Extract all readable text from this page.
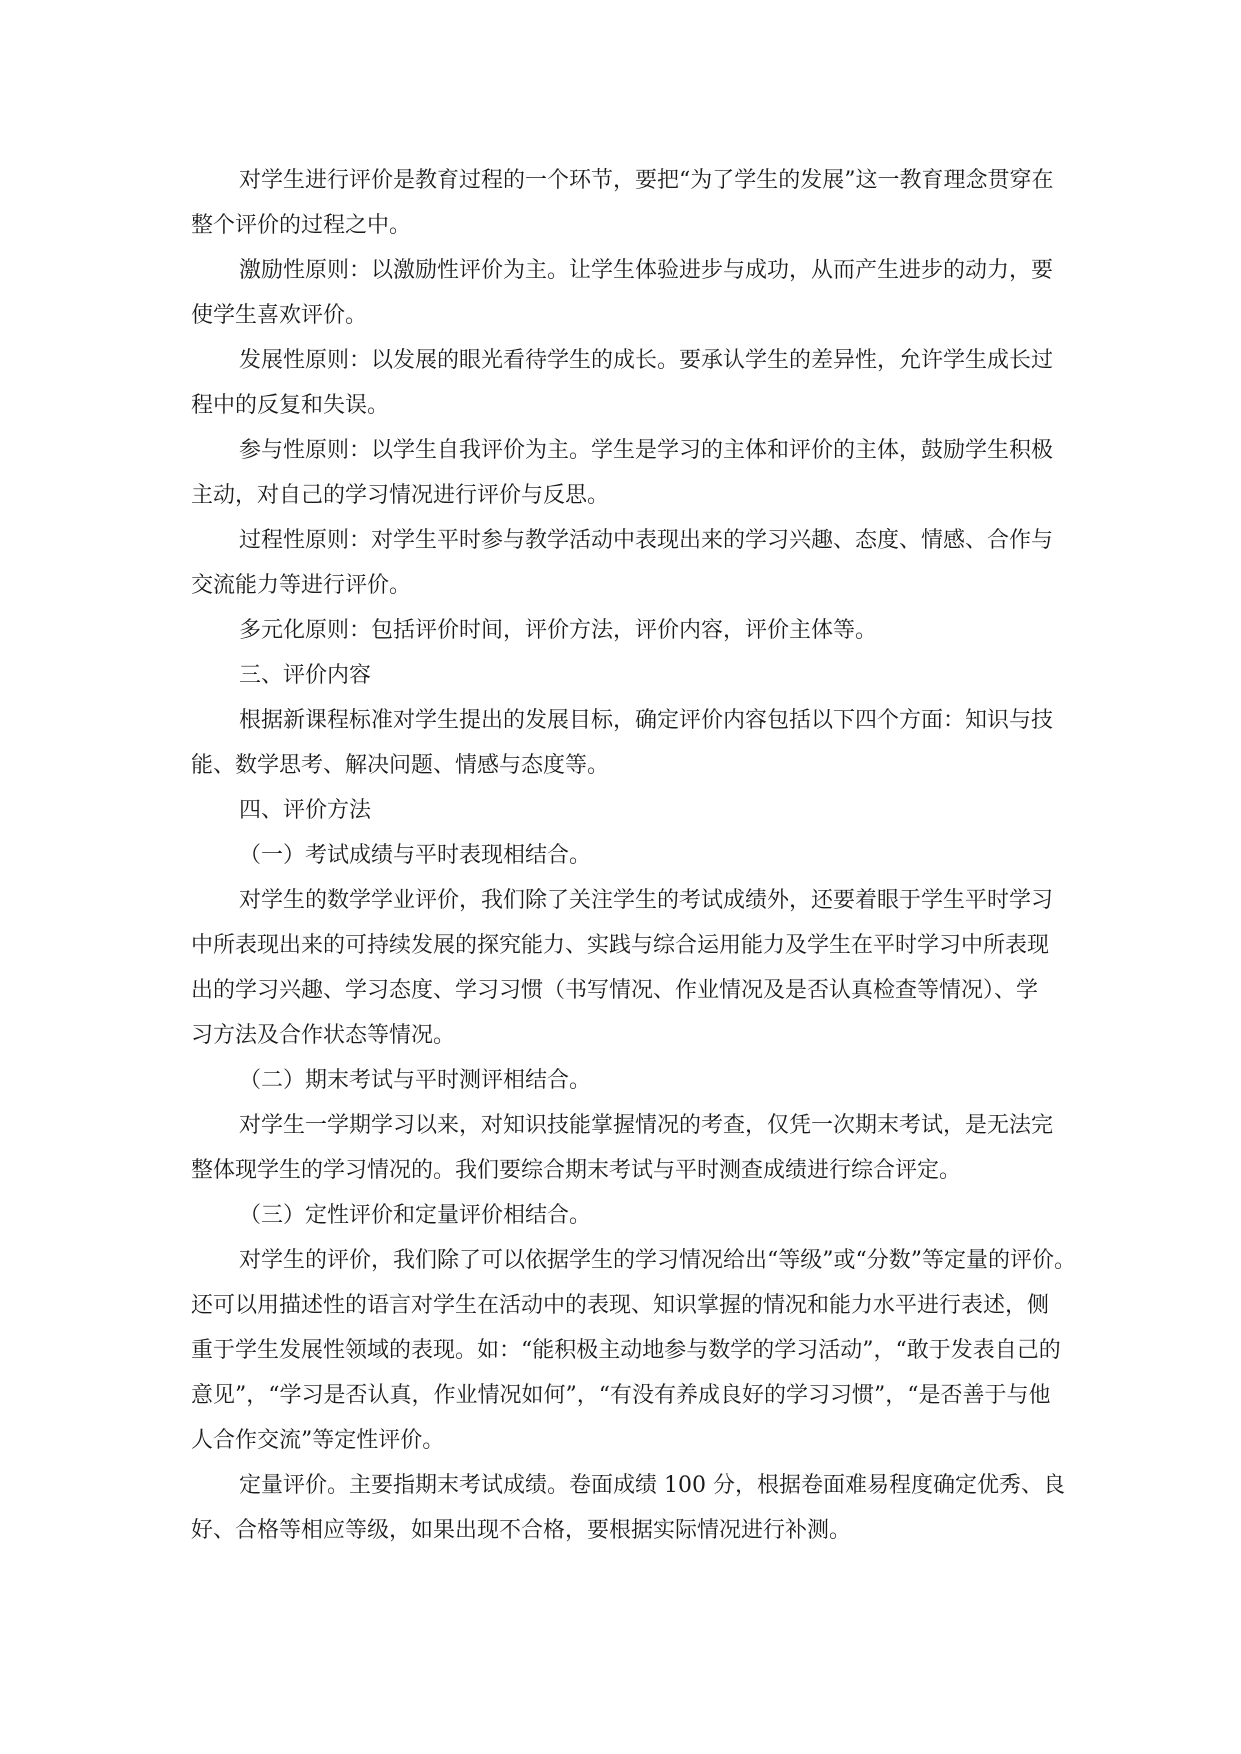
对学生进行评价是教育过程的一个环节，要把“为了学生的发展”这一教育理念贯穿在
整个评价的过程之中。
激励性原则：以激励性评价为主。让学生体验进步与成功，从而产生进步的动力，要
使学生喜欢评价。
发展性原则：以发展的眼光看待学生的成长。要承认学生的差异性，允许学生成长过
程中的反复和失误。
参与性原则：以学生自我评价为主。学生是学习的主体和评价的主体，鼓励学生积极
主动，对自己的学习情况进行评价与反思。
过程性原则：对学生平时参与教学活动中表现出来的学习兴趣、态度、情感、合作与
交流能力等进行评价。
多元化原则：包括评价时间，评价方法，评价内容，评价主体等。
三、评价内容
根据新课程标准对学生提出的发展目标，确定评价内容包括以下四个方面：知识与技
能、数学思考、解决问题、情感与态度等。
四、评价方法
（一）考试成绩与平时表现相结合。
对学生的数学学业评价，我们除了关注学生的考试成绩外，还要着眼于学生平时学习
中所表现出来的可持续发展的探究能力、实践与综合运用能力及学生在平时学习中所表现
出的学习兴趣、学习态度、学习习惯（书写情况、作业情况及是否认真检查等情况）、学
习方法及合作状态等情况。
（二）期末考试与平时测评相结合。
对学生一学期学习以来，对知识技能掌握情况的考查，仅凭一次期末考试，是无法完
整体现学生的学习情况的。我们要综合期末考试与平时测查成绩进行综合评定。
（三）定性评价和定量评价相结合。
对学生的评价，我们除了可以依据学生的学习情况给出“等级”或“分数”等定量的评价。
还可以用描述性的语言对学生在活动中的表现、知识掌握的情况和能力水平进行表述，侧
重于学生发展性领域的表现。如：“能积极主动地参与数学的学习活动”，“敢于发表自己的
意见”，“学习是否认真，作业情况如何”，“有没有养成良好的学习习惯”，“是否善于与他
人合作交流”等定性评价。
定量评价。主要指期末考试成绩。卷面成绩 100 分，根据卷面难易程度确定优秀、良
好、合格等相应等级，如果出现不合格，要根据实际情况进行补测。
